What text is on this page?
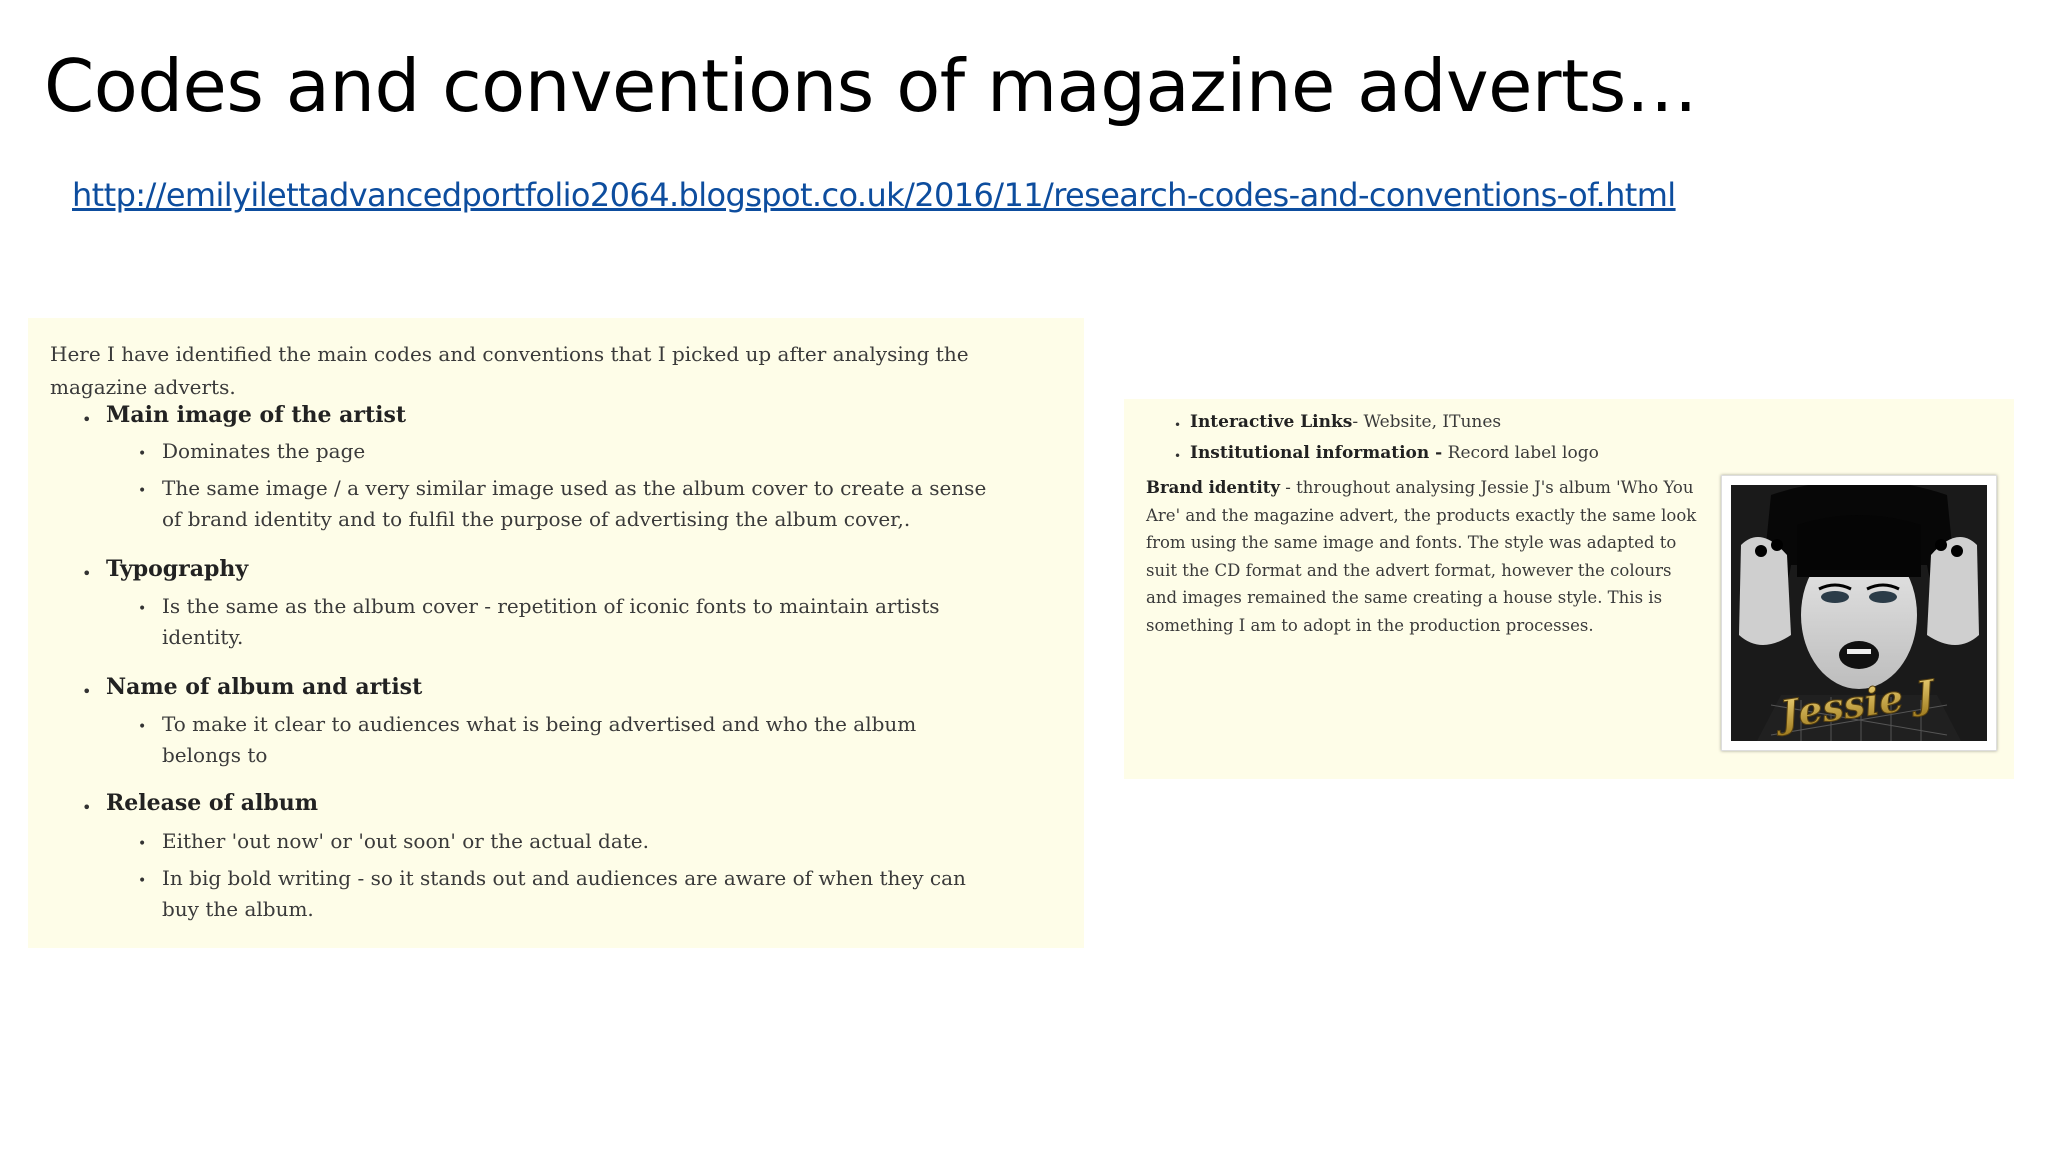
Codes and conventions of magazine adverts…
http://emilyilettadvancedportfolio2064.blogspot.co.uk/2016/11/research-codes-and-conventions-of.html
Here I have identified the main codes and conventions that I picked up after analysing the magazine adverts.
• Main image of the artist
• Dominates the page
• The same image / a very similar image used as the album cover to create a sense of brand identity and to fulfil the purpose of advertising the album cover,.
• Typography
• Is the same as the album cover - repetition of iconic fonts to maintain artists identity.
• Name of album and artist
• To make it clear to audiences what is being advertised and who the album belongs to
• Release of album
• Either 'out now' or 'out soon' or the actual date.
• In big bold writing - so it stands out and audiences are aware of when they can buy the album.
• Interactive Links- Website, ITunes
• Institutional information - Record label logo
Brand identity - throughout analysing Jessie J's album 'Who You Are' and the magazine advert, the products exactly the same look from using the same image and fonts. The style was adapted to suit the CD format and the advert format, however the colours and images remained the same creating a house style. This is something I am to adopt in the production processes.
Jessie J
